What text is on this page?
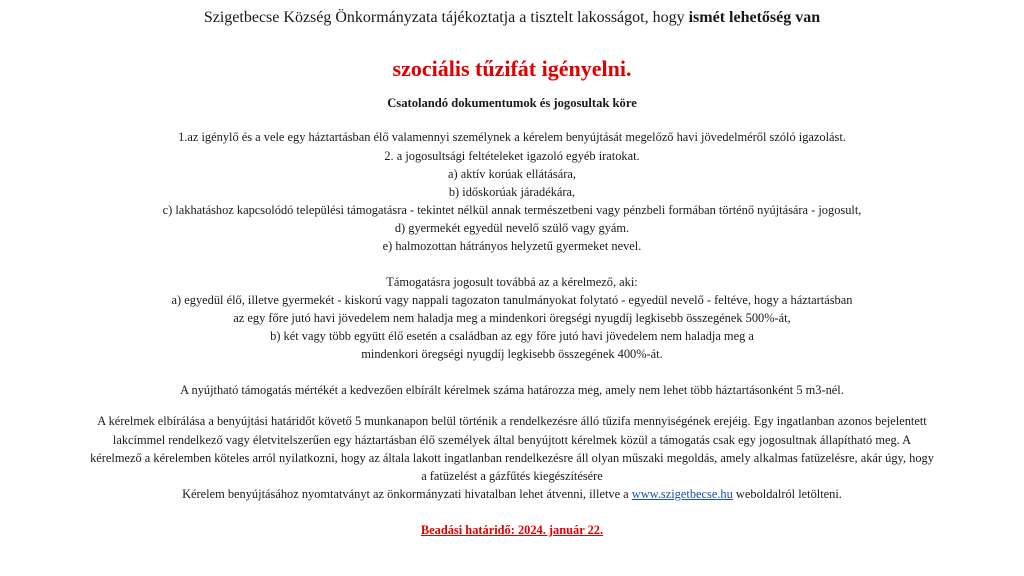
Szigetbecse Község Önkormányzata tájékoztatja a tisztelt lakosságot, hogy ismét lehetőség van
szociális tűzifát igényelni.
Csatolandó dokumentumok és jogosultak köre
1.az igénylő és a vele egy háztartásban élő valamennyi személynek a kérelem benyújtását megelőző havi jövedelméről szóló igazolást.
2. a jogosultsági feltételeket igazoló egyéb iratokat.
a) aktív korúak ellátására,
b) időskorúak járadékára,
c) lakhatáshoz kapcsolódó települési támogatásra - tekintet nélkül annak természetbeni vagy pénzbeli formában történő nyújtására - jogosult,
d) gyermekét egyedül nevelő szülő vagy gyám.
e) halmozottan hátrányos helyzetű gyermeket nevel.
Támogatásra jogosult továbbá az a kérelmező, aki:
a) egyedül élő, illetve gyermekét - kiskorú vagy nappali tagozaton tanulmányokat folytató - egyedül nevelő - feltéve, hogy a háztartásban
az egy főre jutó havi jövedelem nem haladja meg a mindenkori öregségi nyugdíj legkisebb összegének 500%-át,
b) két vagy több együtt élő esetén a családban az egy főre jutó havi jövedelem nem haladja meg a
mindenkori öregségi nyugdíj legkisebb összegének 400%-át.
A nyújtható támogatás mértékét a kedvezően elbírált kérelmek száma határozza meg, amely nem lehet több háztartásonként 5 m3-nél.
A kérelmek elbírálása a benyújtási határidőt követő 5 munkanapon belül történik a rendelkezésre álló tűzifa mennyiségének erejéig. Egy ingatlanban azonos bejelentett
lakcímmel rendelkező vagy életvitelszerűen egy háztartásban élő személyek által benyújtott kérelmek közül a támogatás csak egy jogosultnak állapítható meg. A
kérelmező a kérelemben köteles arról nyilatkozni, hogy az általa lakott ingatlanban rendelkezésre áll olyan műszaki megoldás, amely alkalmas fatüzelésre, akár úgy, hogy
a fatüzelést a gázfűtés kiegészítésére
Kérelem benyújtásához nyomtatványt az önkormányzati hivatalban lehet átvenni, illetve a www.szigetbecse.hu weboldalról letölteni.
Beadási határidő: 2024. január 22.
